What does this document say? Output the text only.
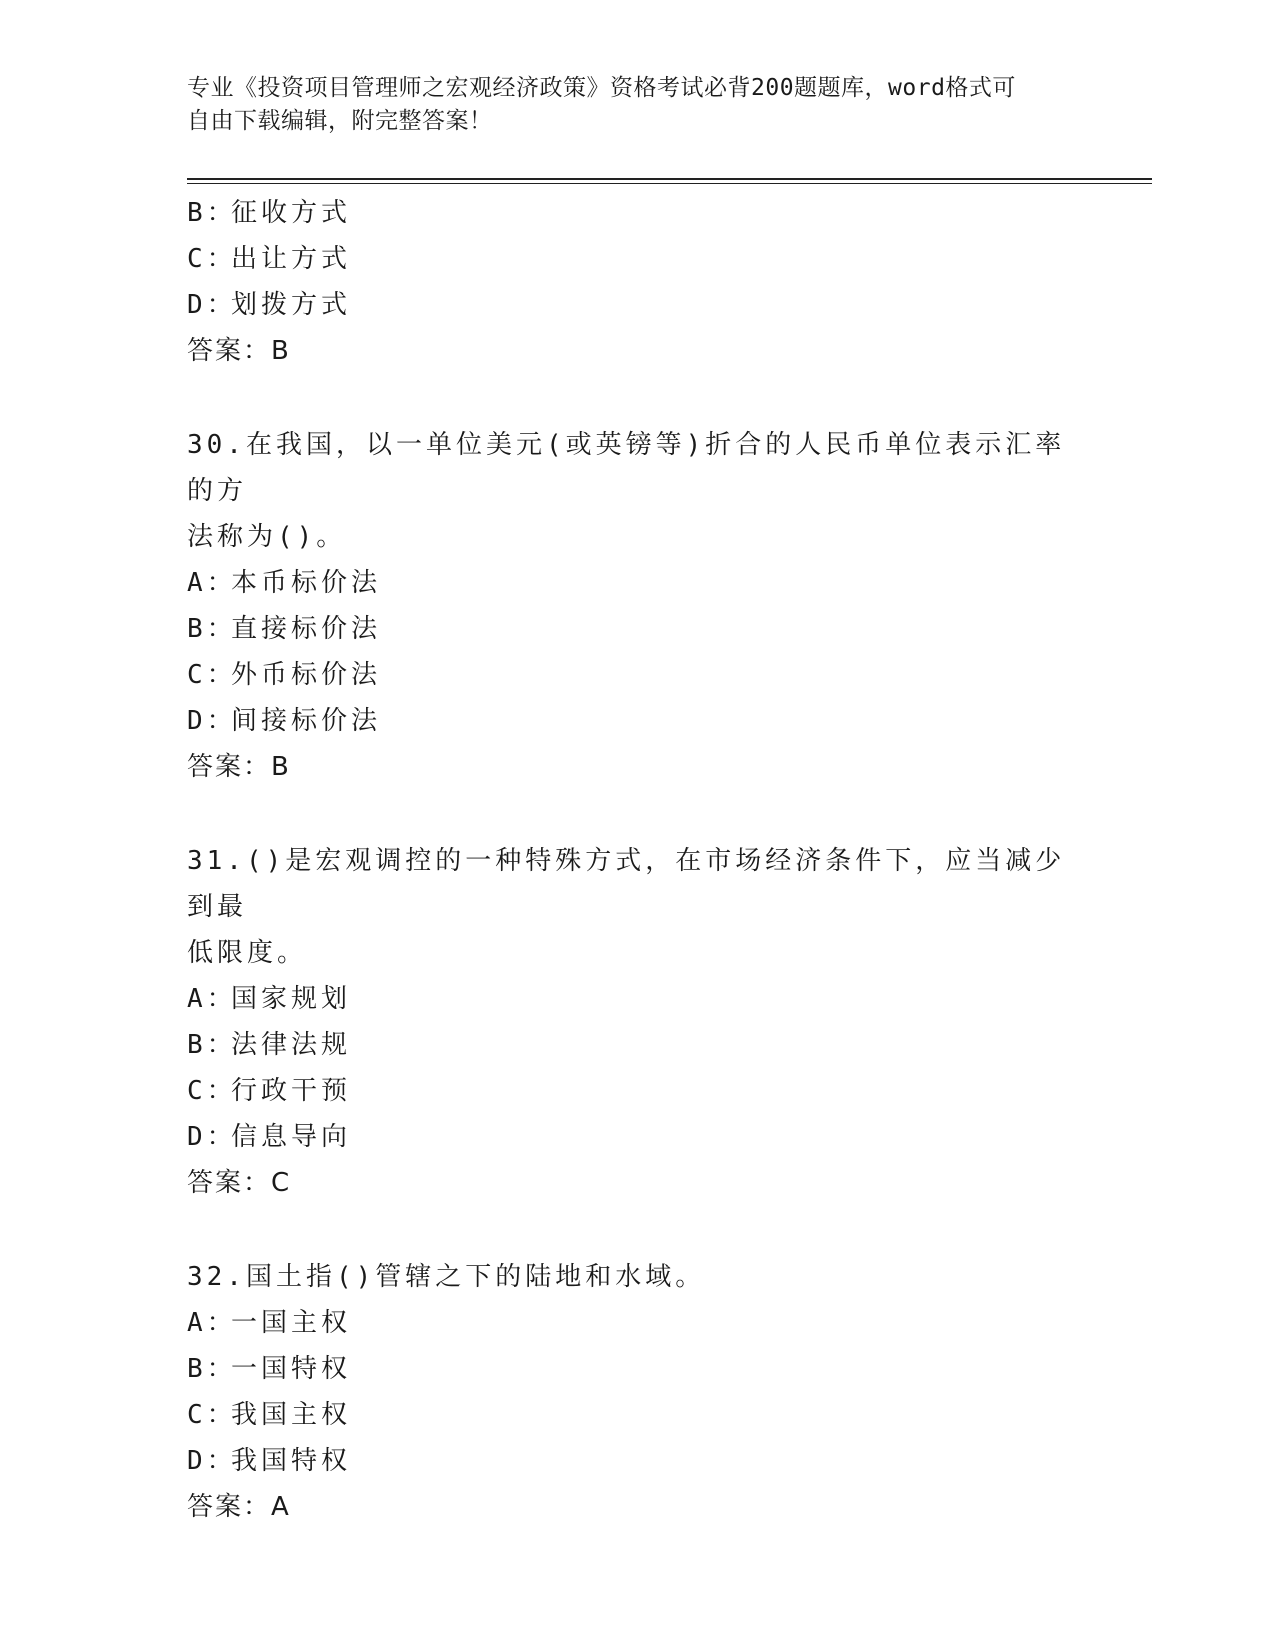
专业《投资项目管理师之宏观经济政策》资格考试必背200题题库，word格式可
自由下载编辑，附完整答案！
B：征收方式
C：出让方式
D：划拨方式
答案：B
30.在我国，以一单位美元(或英镑等)折合的人民币单位表示汇率的方
法称为()。
A：本币标价法
B：直接标价法
C：外币标价法
D：间接标价法
答案：B
31.()是宏观调控的一种特殊方式，在市场经济条件下，应当减少到最
低限度。
A：国家规划
B：法律法规
C：行政干预
D：信息导向
答案：C
32.国土指()管辖之下的陆地和水域。
A：一国主权
B：一国特权
C：我国主权
D：我国特权
答案：A
